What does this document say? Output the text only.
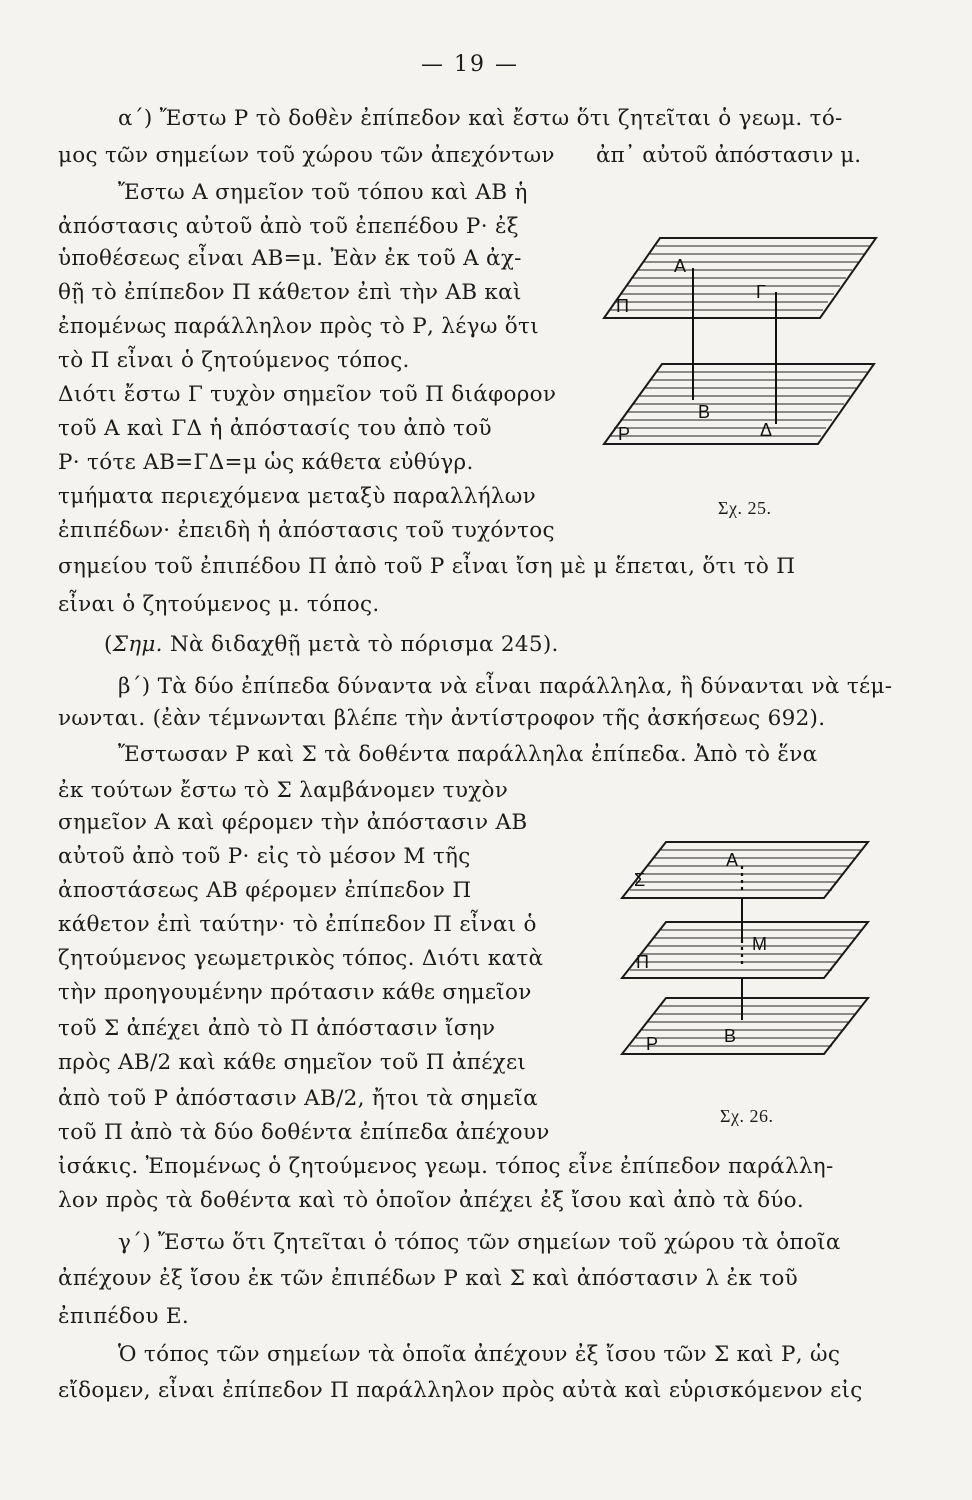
— 19 —
α΄) Ἔστω Ρ τὸ δοθὲν ἐπίπεδον καὶ ἔστω ὅτι ζητεῖται ὁ γεωμ. τό-
μος τῶν σημείων τοῦ χώρου τῶν ἀπεχόντων ἀπ᾿ αὐτοῦ ἀπόστασιν μ.
Ἔστω Α σημεῖον τοῦ τόπου καὶ ΑΒ ἡ
ἀπόστασις αὐτοῦ ἀπὸ τοῦ ἐπεπέδου Ρ· ἐξ
ὑποθέσεως εἶναι ΑΒ=μ. Ἐὰν ἐκ τοῦ Α ἀχ-
θῇ τὸ ἐπίπεδον Π κάθετον ἐπὶ τὴν ΑΒ καὶ
ἐπομένως παράλληλον πρὸς τὸ Ρ, λέγω ὅτι
τὸ Π εἶναι ὁ ζητούμενος τόπος.
Διότι ἔστω Γ τυχὸν σημεῖον τοῦ Π διάφορον
τοῦ Α καὶ ΓΔ ἡ ἀπόστασίς του ἀπὸ τοῦ
Ρ· τότε ΑΒ=ΓΔ=μ ὡς κάθετα εὐθύγρ.
τμήματα περιεχόμενα μεταξὺ παραλλήλων
ἐπιπέδων· ἐπειδὴ ἡ ἀπόστασις τοῦ τυχόντος
σημείου τοῦ ἐπιπέδου Π ἀπὸ τοῦ Ρ εἶναι ἴση μὲ μ ἕπεται, ὅτι τὸ Π
εἶναι ὁ ζητούμενος μ. τόπος.
(Σημ. Νὰ διδαχθῇ μετὰ τὸ πόρισμα 245).
β΄) Τὰ δύο ἐπίπεδα δύναντα νὰ εἶναι παράλληλα, ἢ δύνανται νὰ τέμ-
νωνται. (ἐὰν τέμνωνται βλέπε τὴν ἀντίστροφον τῆς ἀσκήσεως 692).
Ἔστωσαν Ρ καὶ Σ τὰ δοθέντα παράλληλα ἐπίπεδα. Ἀπὸ τὸ ἕνα
ἐκ τούτων ἔστω τὸ Σ λαμβάνομεν τυχὸν
σημεῖον Α καὶ φέρομεν τὴν ἀπόστασιν ΑΒ
αὐτοῦ ἀπὸ τοῦ Ρ· εἰς τὸ μέσον Μ τῆς
ἀποστάσεως ΑΒ φέρομεν ἐπίπεδον Π
κάθετον ἐπὶ ταύτην· τὸ ἐπίπεδον Π εἶναι ὁ
ζητούμενος γεωμετρικὸς τόπος. Διότι κατὰ
τὴν προηγουμένην πρότασιν κάθε σημεῖον
τοῦ Σ ἀπέχει ἀπὸ τὸ Π ἀπόστασιν ἴσην
πρὸς ΑΒ/2 καὶ κάθε σημεῖον τοῦ Π ἀπέχει
ἀπὸ τοῦ Ρ ἀπόστασιν ΑΒ/2, ἤτοι τὰ σημεῖα
τοῦ Π ἀπὸ τὰ δύο δοθέντα ἐπίπεδα ἀπέχουν
ἰσάκις. Ἐπομένως ὁ ζητούμενος γεωμ. τόπος εἶνε ἐπίπεδον παράλλη-
λον πρὸς τὰ δοθέντα καὶ τὸ ὁποῖον ἀπέχει ἐξ ἴσου καὶ ἀπὸ τὰ δύο.
γ΄) Ἔστω ὅτι ζητεῖται ὁ τόπος τῶν σημείων τοῦ χώρου τὰ ὁποῖα
ἀπέχουν ἐξ ἴσου ἐκ τῶν ἐπιπέδων Ρ καὶ Σ καὶ ἀπόστασιν λ ἐκ τοῦ
ἐπιπέδου Ε.
Ὁ τόπος τῶν σημείων τὰ ὁποῖα ἀπέχουν ἐξ ἴσου τῶν Σ καὶ Ρ, ὡς
εἴδομεν, εἶναι ἐπίπεδον Π παράλληλον πρὸς αὐτὰ καὶ εὑρισκόμενον εἰς
Α
Γ
Π
Β
Ρ	Δ
Σχ. 25.
Α
Σ
Μ
Π
Β
Ρ
Σχ. 26.
